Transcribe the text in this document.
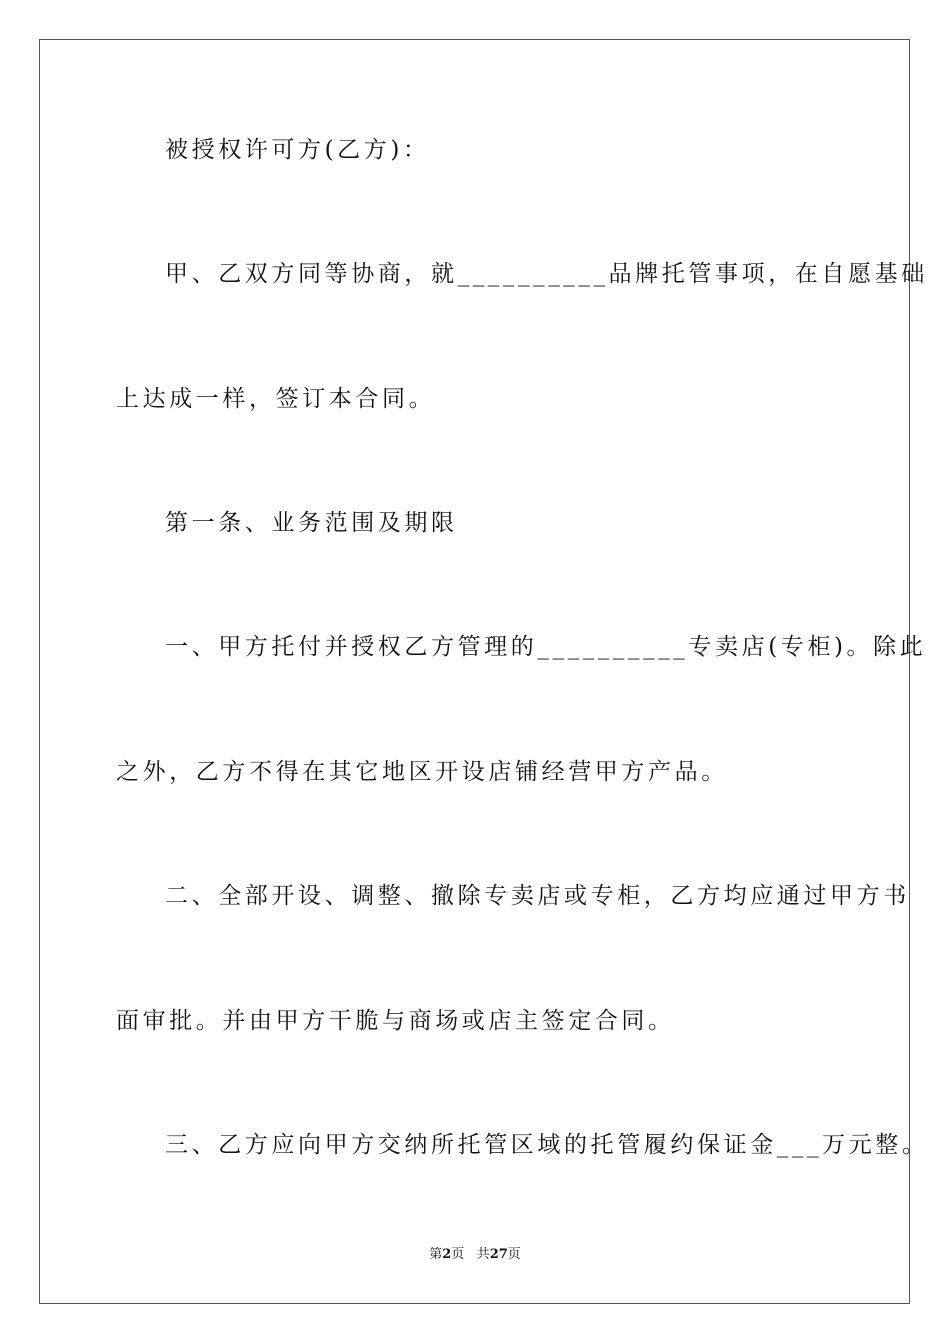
被授权许可方(乙方)：
甲、乙双方同等协商，就__________品牌托管事项，在自愿基础
上达成一样，签订本合同。
第一条、业务范围及期限
一、甲方托付并授权乙方管理的__________专卖店(专柜)。除此
之外，乙方不得在其它地区开设店铺经营甲方产品。
二、全部开设、调整、撤除专卖店或专柜，乙方均应通过甲方书
面审批。并由甲方干脆与商场或店主签定合同。
三、乙方应向甲方交纳所托管区域的托管履约保证金___万元整。
第2页 共27页
